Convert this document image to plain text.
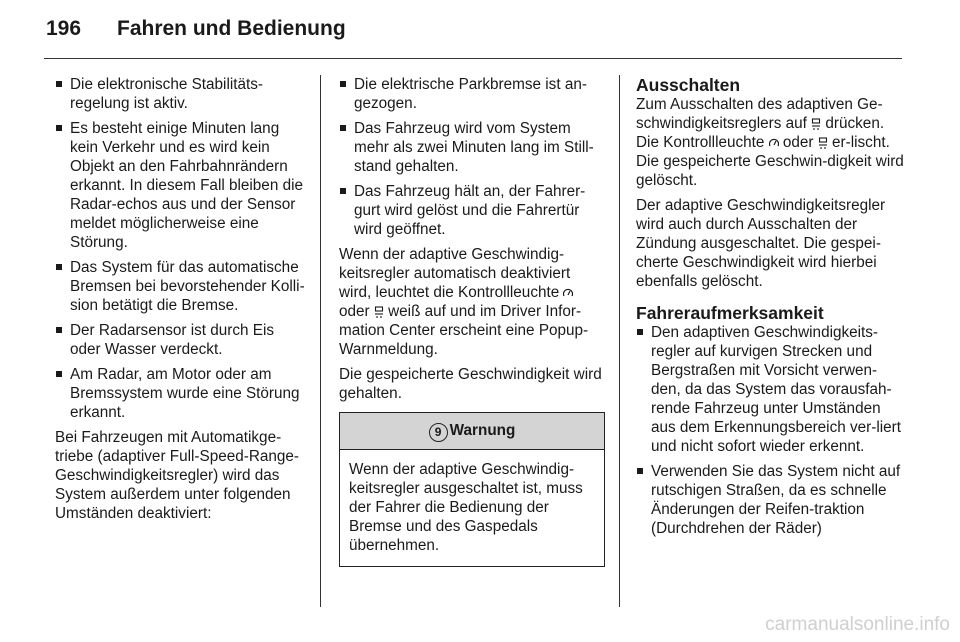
196 Fahren und Bedienung
Die elektronische Stabilitäts-regelung ist aktiv.
Es besteht einige Minuten lang kein Verkehr und es wird kein Objekt an den Fahrbahnrändern erkannt. In diesem Fall bleiben die Radar-echos aus und der Sensor meldet möglicherweise eine Störung.
Das System für das automatische Bremsen bei bevorstehender Kolli-sion betätigt die Bremse.
Der Radarsensor ist durch Eis oder Wasser verdeckt.
Am Radar, am Motor oder am Bremssystem wurde eine Störung erkannt.

Bei Fahrzeugen mit Automatikge-triebe (adaptiver Full-Speed-Range-Geschwindigkeitsregler) wird das System außerdem unter folgenden Umständen deaktiviert:

Die elektrische Parkbremse ist an-gezogen.
Das Fahrzeug wird vom System mehr als zwei Minuten lang im Still-stand gehalten.
Das Fahrzeug hält an, der Fahrer-gurt wird gelöst und die Fahrertür wird geöffnet.

Wenn der adaptive Geschwindig-keitsregler automatisch deaktiviert wird, leuchtet die Kontrollleuchte  oder weiß auf und im Driver Infor-mation Center erscheint eine Popup-Warnmeldung.

Die gespeicherte Geschwindigkeit wird gehalten.

9 Warnung
Wenn der adaptive Geschwindig-keitsregler ausgeschaltet ist, muss der Fahrer die Bedienung der Bremse und des Gaspedals übernehmen.
Ausschalten

Zum Ausschalten des adaptiven Ge-schwindigkeitsreglers auf drücken. Die Kontrollleuchte oder er-lischt. Die gespeicherte Geschwin-digkeit wird gelöscht.

Der adaptive Geschwindigkeitsregler wird auch durch Ausschalten der Zündung ausgeschaltet. Die gespei-cherte Geschwindigkeit wird hierbei ebenfalls gelöscht.

Fahreraufmerksamkeit
Den adaptiven Geschwindigkeits-regler auf kurvigen Strecken und Bergstraßen mit Vorsicht verwen-den, da das System das vorausfah-rende Fahrzeug unter Umständen aus dem Erkennungsbereich ver-liert und nicht sofort wieder erkennt.
Verwenden Sie das System nicht auf rutschigen Straßen, da es schnelle Änderungen der Reifen-traktion (Durchdrehen der Räder)
carmanualsonline.info
